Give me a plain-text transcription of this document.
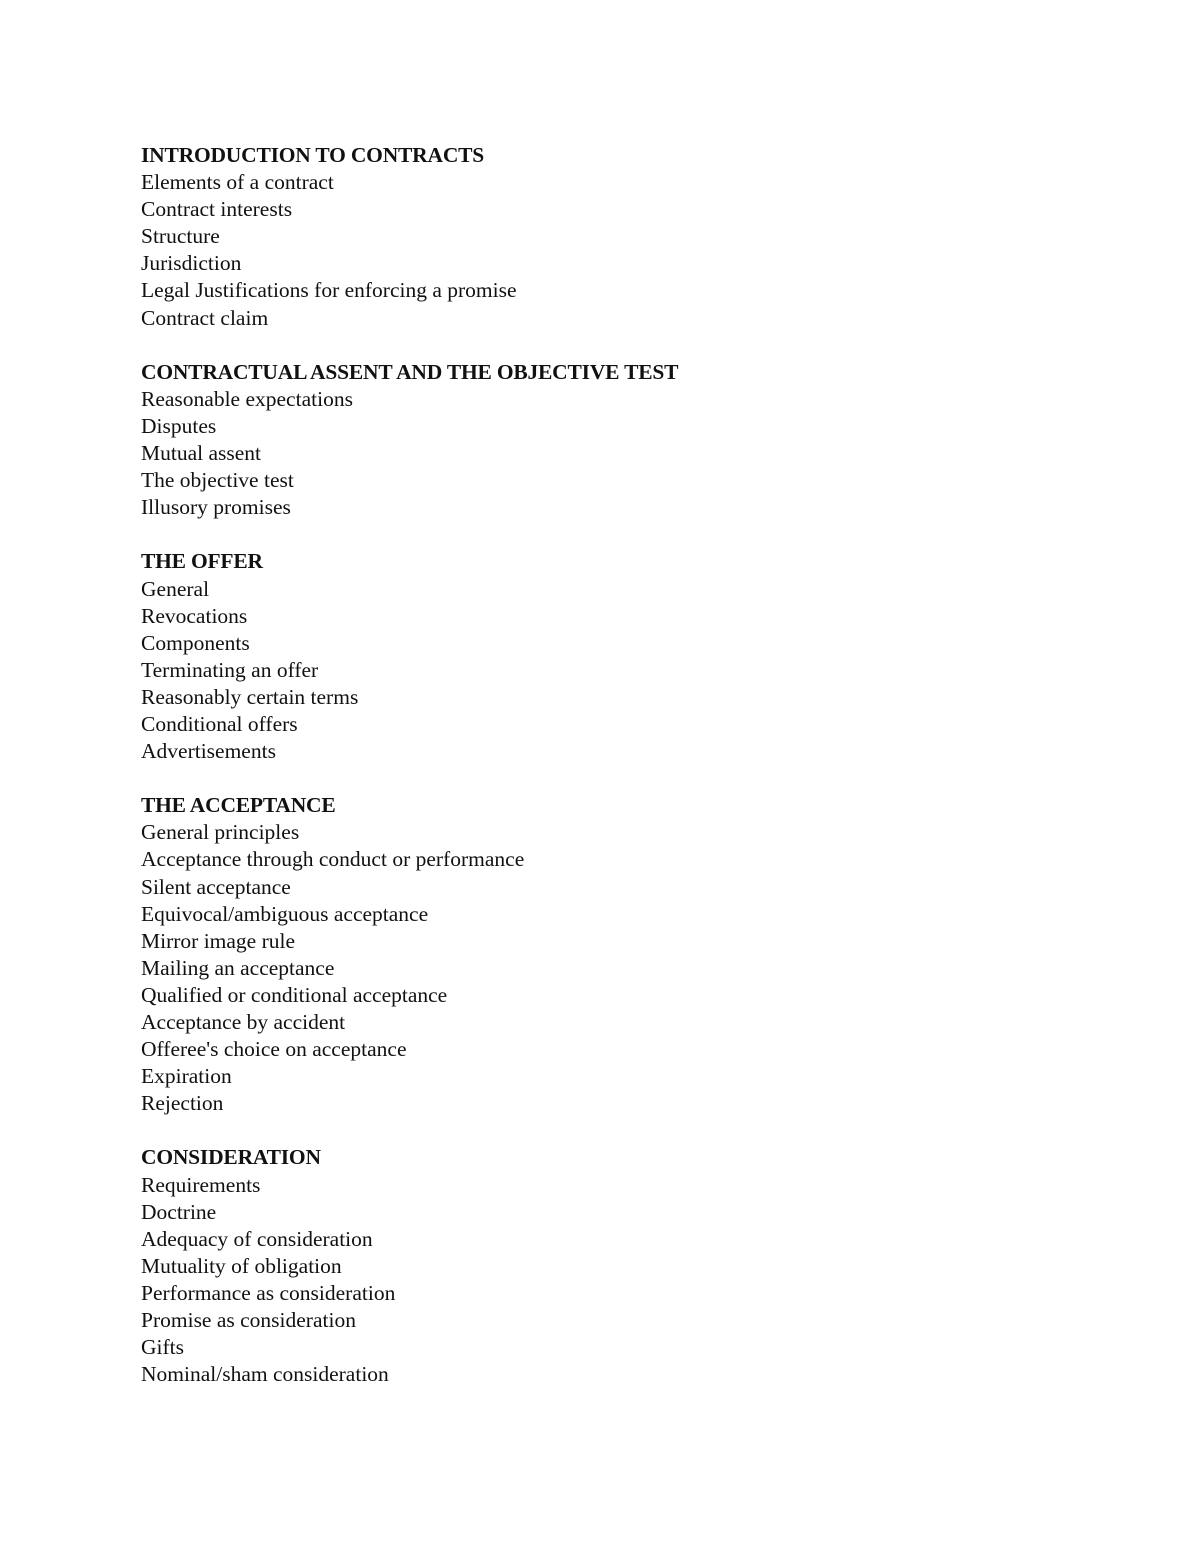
INTRODUCTION TO CONTRACTS
Elements of a contract
Contract interests
Structure
Jurisdiction
Legal Justifications for enforcing a promise
Contract claim
CONTRACTUAL ASSENT AND THE OBJECTIVE TEST
Reasonable expectations
Disputes
Mutual assent
The objective test
Illusory promises
THE OFFER
General
Revocations
Components
Terminating an offer
Reasonably certain terms
Conditional offers
Advertisements
THE ACCEPTANCE
General principles
Acceptance through conduct or performance
Silent acceptance
Equivocal/ambiguous acceptance
Mirror image rule
Mailing an acceptance
Qualified or conditional acceptance
Acceptance by accident
Offeree's choice on acceptance
Expiration
Rejection
CONSIDERATION
Requirements
Doctrine
Adequacy of consideration
Mutuality of obligation
Performance as consideration
Promise as consideration
Gifts
Nominal/sham consideration
